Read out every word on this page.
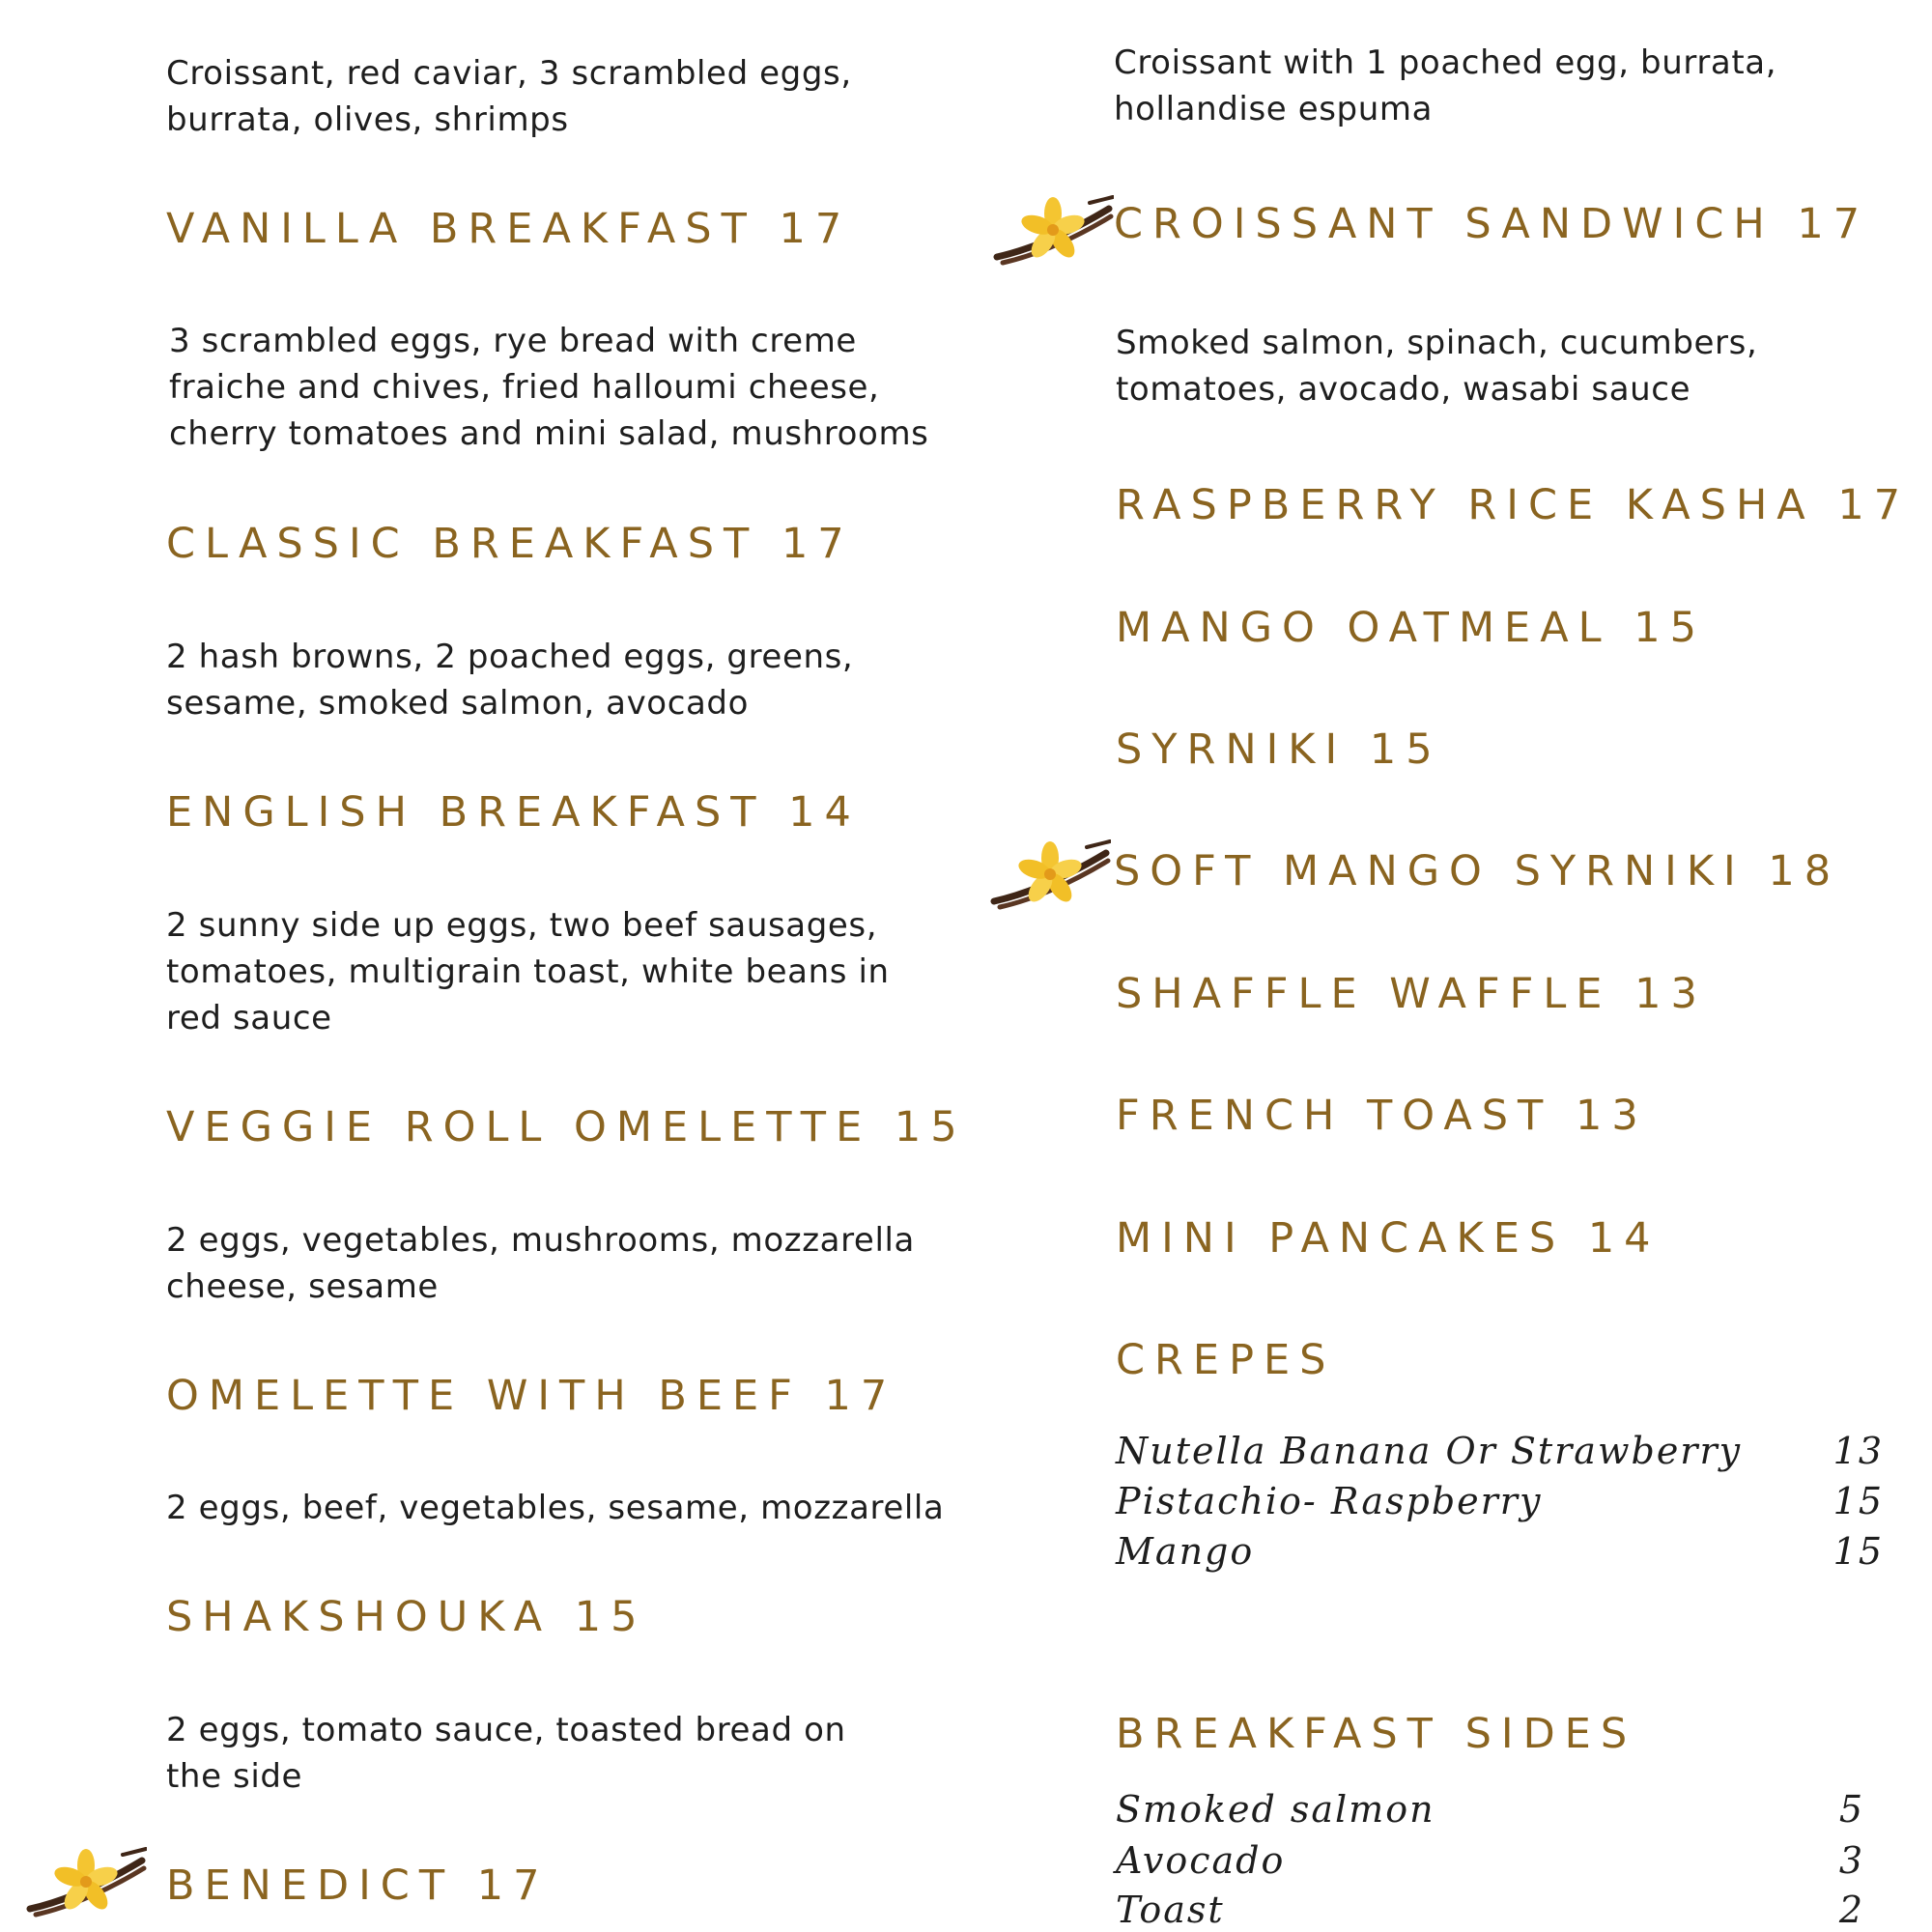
Croissant, red caviar, 3 scrambled eggs,
burrata, olives, shrimps
VANILLA BREAKFAST 17
3 scrambled eggs, rye bread with creme
fraiche and chives, fried halloumi cheese,
cherry tomatoes and mini salad, mushrooms
CLASSIC BREAKFAST 17
2 hash browns, 2 poached eggs, greens,
sesame, smoked salmon, avocado
ENGLISH BREAKFAST 14
2 sunny side up eggs, two beef sausages,
tomatoes, multigrain toast, white beans in
red sauce
VEGGIE ROLL OMELETTE 15
2 eggs, vegetables, mushrooms, mozzarella
cheese, sesame
OMELETTE WITH BEEF 17
2 eggs, beef, vegetables, sesame, mozzarella
SHAKSHOUKA 15
2 eggs, tomato sauce, toasted bread on
the side
BENEDICT 17
Croissant with 1 poached egg, burrata,
hollandise espuma
CROISSANT SANDWICH 17
Smoked salmon, spinach, cucumbers,
tomatoes, avocado, wasabi sauce
RASPBERRY RICE KASHA 17
MANGO OATMEAL 15
SYRNIKI 15
SOFT MANGO SYRNIKI 18
SHAFFLE WAFFLE 13
FRENCH TOAST 13
MINI PANCAKES 14
CREPES
Nutella Banana Or Strawberry	13
Pistachio- Raspberry	15
Mango	15
BREAKFAST SIDES
Smoked salmon	5
Avocado	3
Toast	2
